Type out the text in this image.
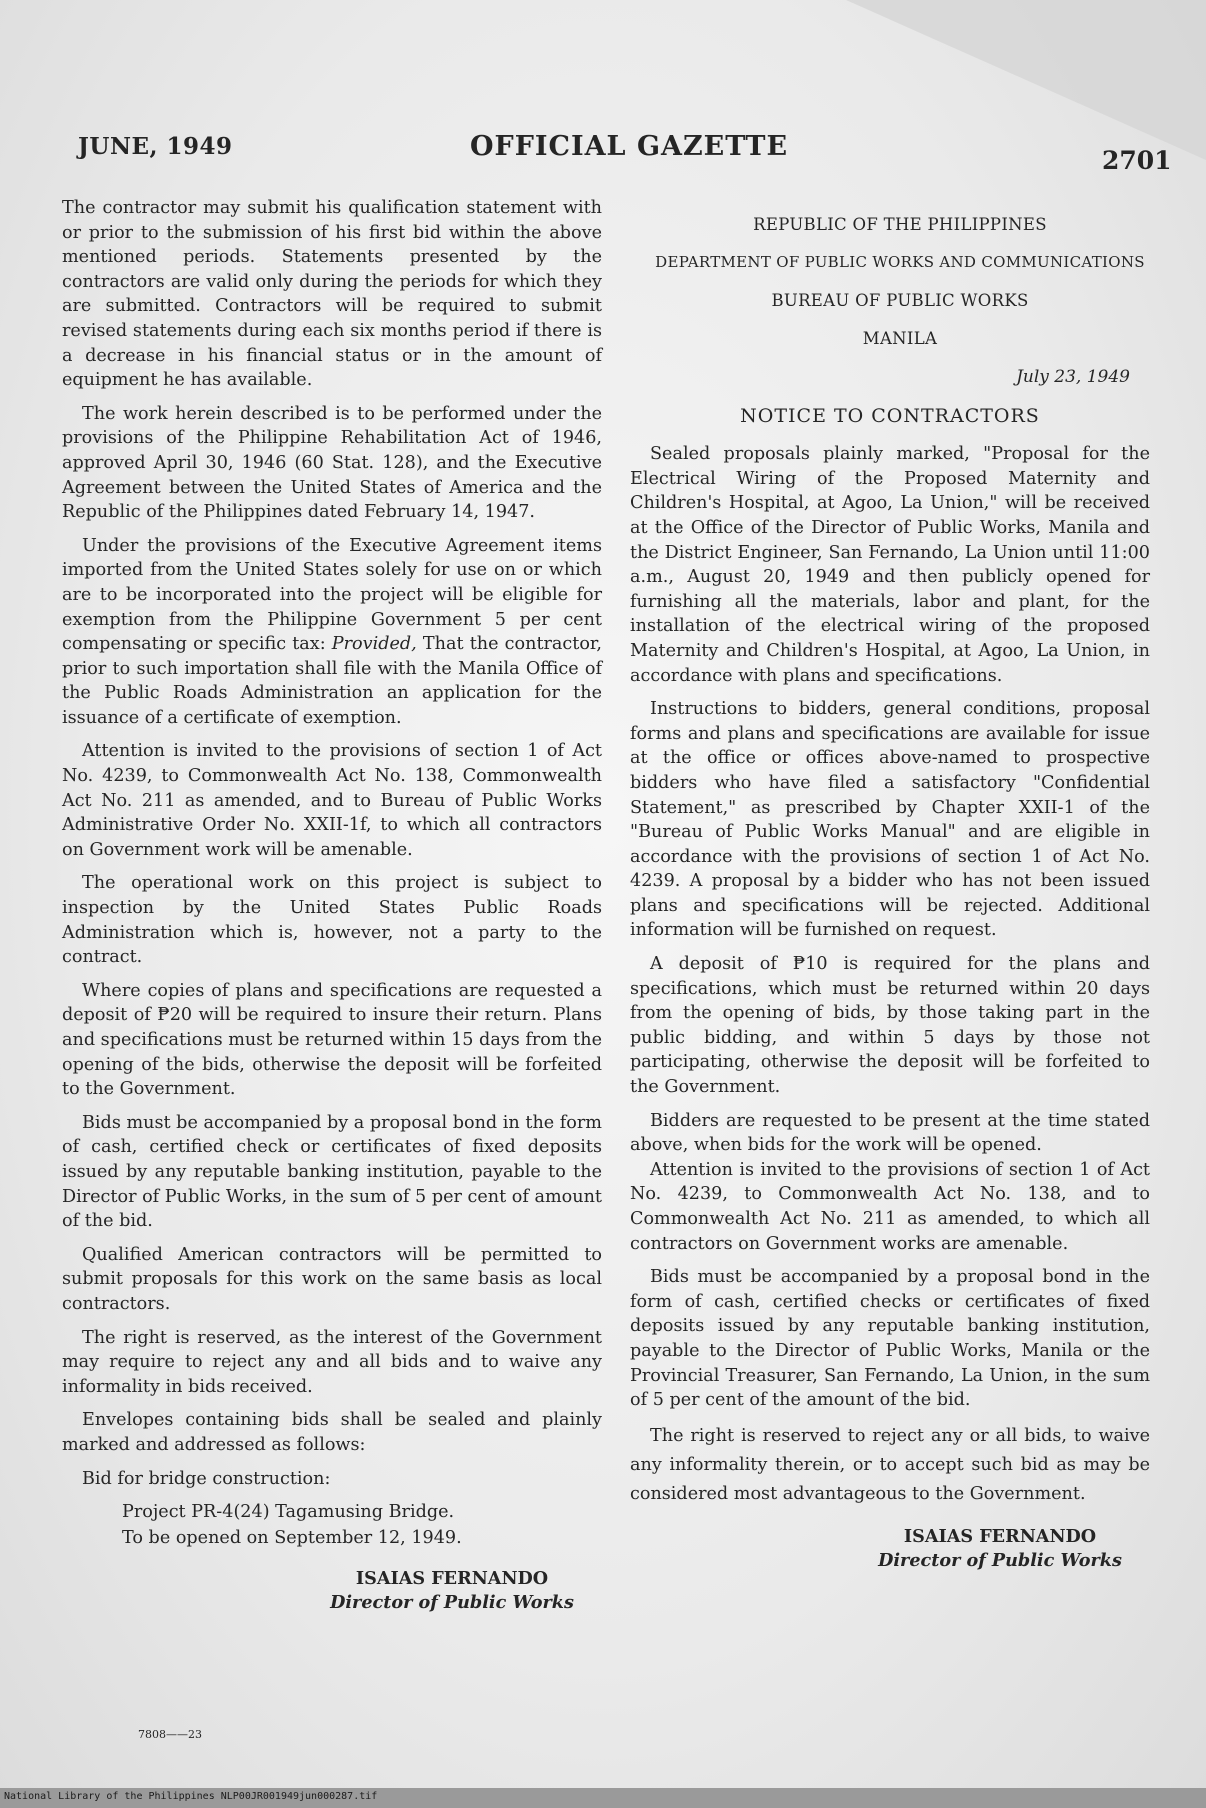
JUNE, 1949	OFFICIAL GAZETTE	2701

The contractor may submit his qualification statement with or prior to the submission of his first bid within the above mentioned periods. Statements presented by the contractors are valid only during the periods for which they are submitted. Contractors will be required to submit revised statements during each six months period if there is a decrease in his financial status or in the amount of equipment he has available.

The work herein described is to be performed under the provisions of the Philippine Rehabilitation Act of 1946, approved April 30, 1946 (60 Stat. 128), and the Executive Agreement between the United States of America and the Republic of the Philippines dated February 14, 1947.

Under the provisions of the Executive Agreement items imported from the United States solely for use on or which are to be incorporated into the project will be eligible for exemption from the Philippine Government 5 per cent compensating or specific tax: Provided, That the contractor, prior to such importation shall file with the Manila Office of the Public Roads Administration an application for the issuance of a certificate of exemption.

Attention is invited to the provisions of section 1 of Act No. 4239, to Commonwealth Act No. 138, Commonwealth Act No. 211 as amended, and to Bureau of Public Works Administrative Order No. XXII-1f, to which all contractors on Government work will be amenable.

The operational work on this project is subject to inspection by the United States Public Roads Administration which is, however, not a party to the contract.

Where copies of plans and specifications are requested a deposit of ₱20 will be required to insure their return. Plans and specifications must be returned within 15 days from the opening of the bids, otherwise the deposit will be forfeited to the Government.

Bids must be accompanied by a proposal bond in the form of cash, certified check or certificates of fixed deposits issued by any reputable banking institution, payable to the Director of Public Works, in the sum of 5 per cent of amount of the bid.

Qualified American contractors will be permitted to submit proposals for this work on the same basis as local contractors.

The right is reserved, as the interest of the Government may require to reject any and all bids and to waive any informality in bids received.

Envelopes containing bids shall be sealed and plainly marked and addressed as follows:

Bid for bridge construction:
Project PR-4(24) Tagamusing Bridge.
To be opened on September 12, 1949.
ISAIAS FERNANDO
Director of Public Works

REPUBLIC OF THE PHILIPPINES

DEPARTMENT OF PUBLIC WORKS AND COMMUNICATIONS

BUREAU OF PUBLIC WORKS

MANILA

July 23, 1949
NOTICE TO CONTRACTORS

Sealed proposals plainly marked, "Proposal for the Electrical Wiring of the Proposed Maternity and Children's Hospital, at Agoo, La Union," will be received at the Office of the Director of Public Works, Manila and the District Engineer, San Fernando, La Union until 11:00 a.m., August 20, 1949 and then publicly opened for furnishing all the materials, labor and plant, for the installation of the electrical wiring of the proposed Maternity and Children's Hospital, at Agoo, La Union, in accordance with plans and specifications.

Instructions to bidders, general conditions, proposal forms and plans and specifications are available for issue at the office or offices above-named to prospective bidders who have filed a satisfactory "Confidential Statement," as prescribed by Chapter XXII-1 of the "Bureau of Public Works Manual" and are eligible in accordance with the provisions of section 1 of Act No. 4239. A proposal by a bidder who has not been issued plans and specifications will be rejected. Additional information will be furnished on request.

A deposit of ₱10 is required for the plans and specifications, which must be returned within 20 days from the opening of bids, by those taking part in the public bidding, and within 5 days by those not participating, otherwise the deposit will be forfeited to the Government.

Bidders are requested to be present at the time stated above, when bids for the work will be opened.

Attention is invited to the provisions of section 1 of Act No. 4239, to Commonwealth Act No. 138, and to Commonwealth Act No. 211 as amended, to which all contractors on Government works are amenable.

Bids must be accompanied by a proposal bond in the form of cash, certified checks or certificates of fixed deposits issued by any reputable banking institution, payable to the Director of Public Works, Manila or the Provincial Treasurer, San Fernando, La Union, in the sum of 5 per cent of the amount of the bid.

The right is reserved to reject any or all bids, to waive any informality therein, or to accept such bid as may be considered most advantageous to the Government.

ISAIAS FERNANDO
Director of Public Works
7808——23
National Library of the Philippines NLP00JR001949jun000287.tif
